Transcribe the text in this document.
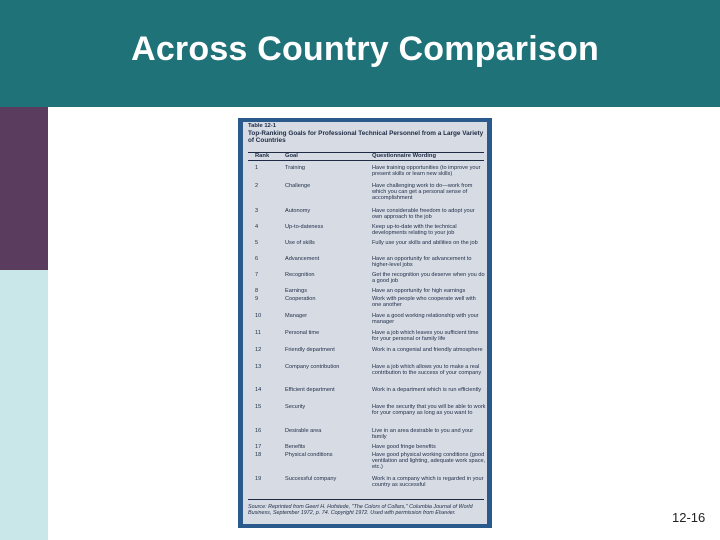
Across Country Comparison
Table 12-1
Top-Ranking Goals for Professional Technical Personnel from a Large Variety of Countries
Rank	Goal	Questionnaire Wording
1	Training	Have training opportunities (to improve your present skills or learn new skills)
2	Challenge	Have challenging work to do—work from which you can get a personal sense of accomplishment
3	Autonomy	Have considerable freedom to adopt your own approach to the job
4	Up-to-dateness	Keep up-to-date with the technical developments relating to your job
5	Use of skills	Fully use your skills and abilities on the job
6	Advancement	Have an opportunity for advancement to higher-level jobs
7	Recognition	Get the recognition you deserve when you do a good job
8	Earnings	Have an opportunity for high earnings
9	Cooperation	Work with people who cooperate well with one another
10	Manager	Have a good working relationship with your manager
11	Personal time	Have a job which leaves you sufficient time for your personal or family life
12	Friendly department	Work in a congenial and friendly atmosphere
13	Company contribution	Have a job which allows you to make a real contribution to the success of your company
14	Efficient department	Work in a department which is run efficiently
15	Security	Have the security that you will be able to work for your company as long as you want to
16	Desirable area	Live in an area desirable to you and your family
17	Benefits	Have good fringe benefits
18	Physical conditions	Have good physical working conditions (good ventilation and lighting, adequate work space, etc.)
19	Successful company	Work in a company which is regarded in your country as successful
Source: Reprinted from Geert H. Hofstede, "The Colors of Collars," Columbia Journal of World Business, September 1972, p. 74. Copyright 1972. Used with permission from Elsevier.	12-16
